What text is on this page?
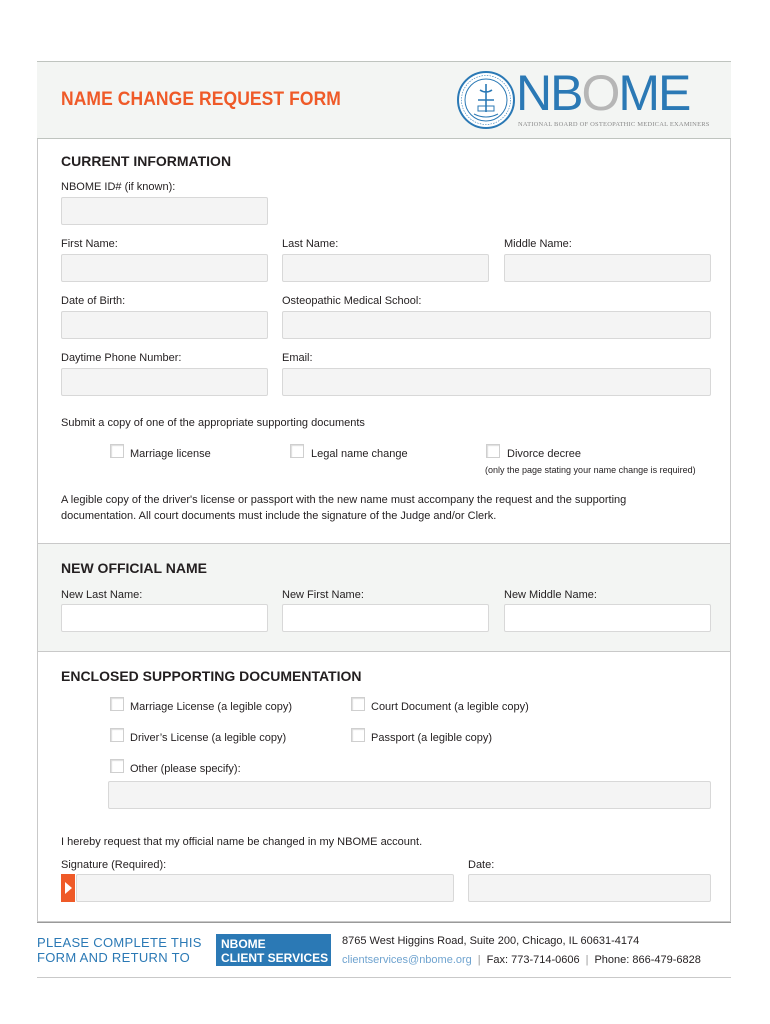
NAME CHANGE REQUEST FORM	NBOME
NATIONAL BOARD OF OSTEOPATHIC MEDICAL EXAMINERS
CURRENT INFORMATION
NBOME ID# (if known):
First Name:	Last Name:	Middle Name:
Date of Birth:	Osteopathic Medical School:
Daytime Phone Number:	Email:
Submit a copy of one of the appropriate supporting documents
Marriage license	Legal name change	Divorce decree
(only the page stating your name change is required)
A legible copy of the driver's license or passport with the new name must accompany the request and the supporting documentation. All court documents must include the signature of the Judge and/or Clerk.
NEW OFFICIAL NAME
New Last Name:	New First Name:	New Middle Name:
ENCLOSED SUPPORTING DOCUMENTATION
Marriage License (a legible copy)	Court Document (a legible copy)
Driver’s License (a legible copy)	Passport (a legible copy)
Other (please specify):
I hereby request that my official name be changed in my NBOME account.
Signature (Required):	Date:
PLEASE COMPLETE THIS
FORM AND RETURN TO
NBOME
CLIENT SERVICES
8765 West Higgins Road, Suite 200, Chicago, IL 60631-4174
clientservices@nbome.org | Fax: 773-714-0606 | Phone: 866-479-6828
